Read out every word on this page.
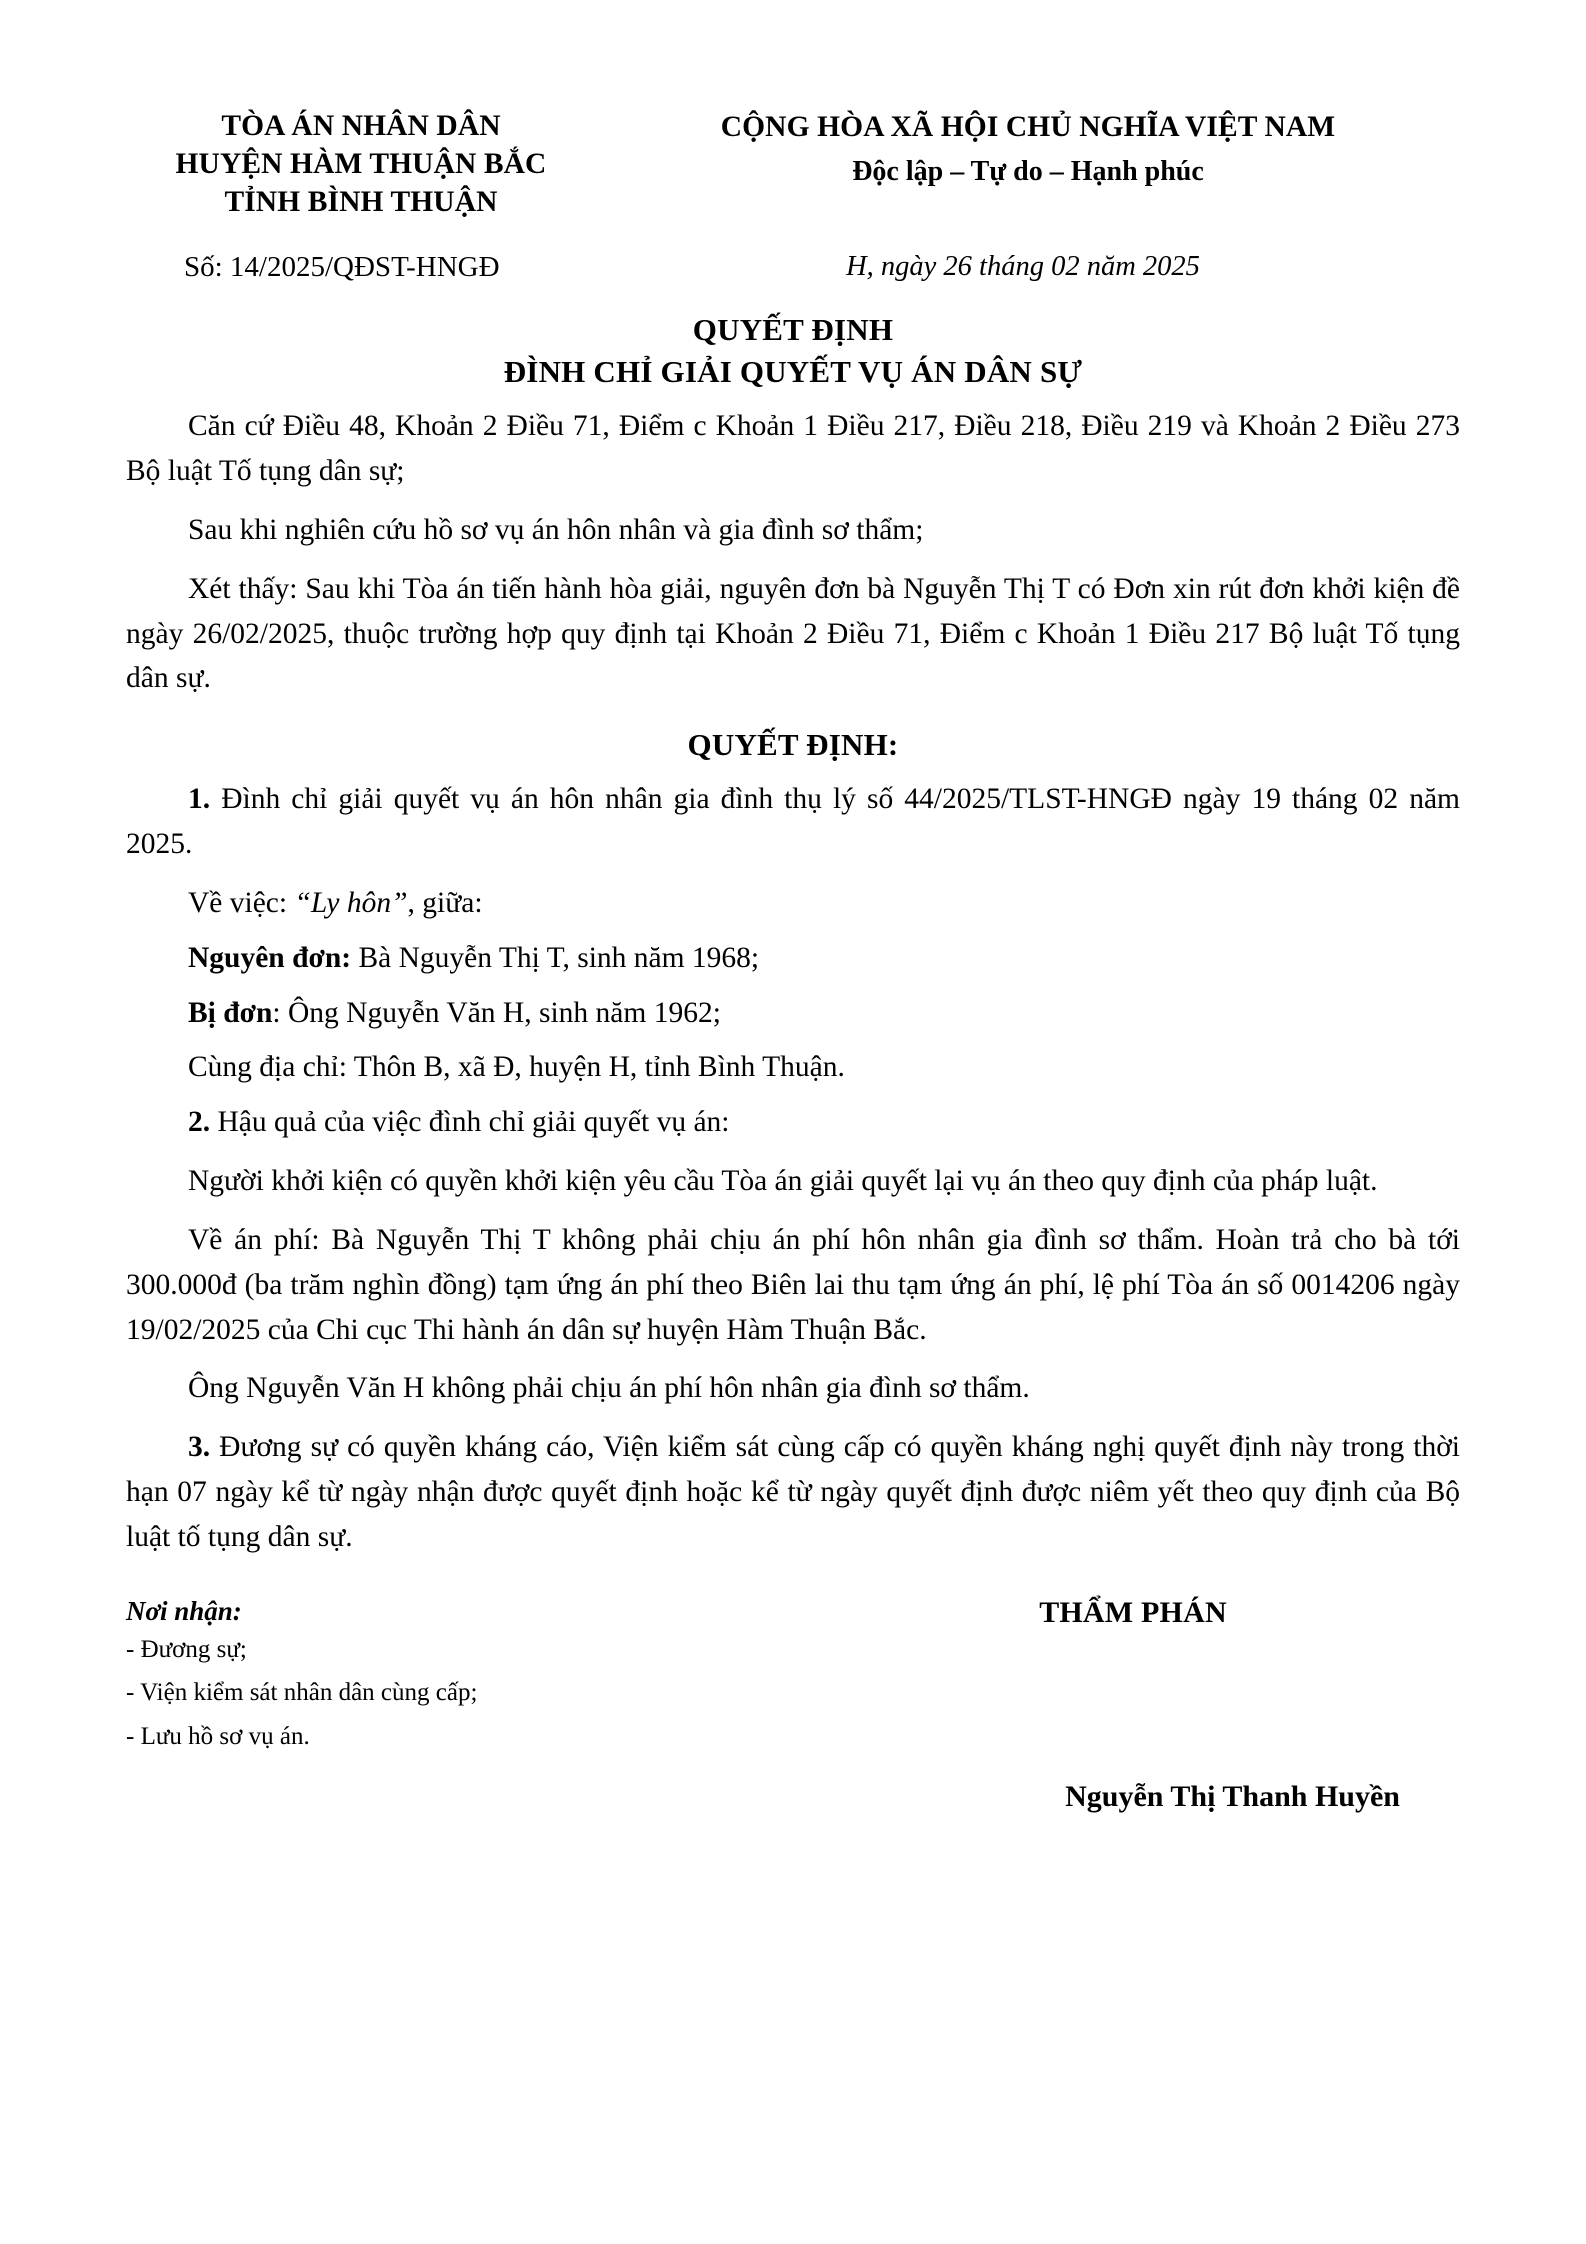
TÒA ÁN NHÂN DÂN
HUYỆN HÀM THUẬN BẮC
TỈNH BÌNH THUẬN
CỘNG HÒA XÃ HỘI CHỦ NGHĨA VIỆT NAM
Độc lập – Tự do – Hạnh phúc
Số: 14/2025/QĐST-HNGĐ	H, ngày 26 tháng 02 năm 2025
QUYẾT ĐỊNH
ĐÌNH CHỈ GIẢI QUYẾT VỤ ÁN DÂN SỰ

Căn cứ Điều 48, Khoản 2 Điều 71, Điểm c Khoản 1 Điều 217, Điều 218, Điều 219 và Khoản 2 Điều 273 Bộ luật Tố tụng dân sự;

Sau khi nghiên cứu hồ sơ vụ án hôn nhân và gia đình sơ thẩm;

Xét thấy: Sau khi Tòa án tiến hành hòa giải, nguyên đơn bà Nguyễn Thị T có Đơn xin rút đơn khởi kiện đề ngày 26/02/2025, thuộc trường hợp quy định tại Khoản 2 Điều 71, Điểm c Khoản 1 Điều 217 Bộ luật Tố tụng dân sự.

QUYẾT ĐỊNH:

1. Đình chỉ giải quyết vụ án hôn nhân gia đình thụ lý số 44/2025/TLST-HNGĐ ngày 19 tháng 02 năm 2025.

Về việc: “Ly hôn”, giữa:

Nguyên đơn: Bà Nguyễn Thị T, sinh năm 1968;

Bị đơn: Ông Nguyễn Văn H, sinh năm 1962;

Cùng địa chỉ: Thôn B, xã Đ, huyện H, tỉnh Bình Thuận.

2. Hậu quả của việc đình chỉ giải quyết vụ án:

Người khởi kiện có quyền khởi kiện yêu cầu Tòa án giải quyết lại vụ án theo quy định của pháp luật.

Về án phí: Bà Nguyễn Thị T không phải chịu án phí hôn nhân gia đình sơ thẩm. Hoàn trả cho bà tới 300.000đ (ba trăm nghìn đồng) tạm ứng án phí theo Biên lai thu tạm ứng án phí, lệ phí Tòa án số 0014206 ngày 19/02/2025 của Chi cục Thi hành án dân sự huyện Hàm Thuận Bắc.

Ông Nguyễn Văn H không phải chịu án phí hôn nhân gia đình sơ thẩm.

3. Đương sự có quyền kháng cáo, Viện kiểm sát cùng cấp có quyền kháng nghị quyết định này trong thời hạn 07 ngày kể từ ngày nhận được quyết định hoặc kể từ ngày quyết định được niêm yết theo quy định của Bộ luật tố tụng dân sự.

Nơi nhận:
- Đương sự;
- Viện kiểm sát nhân dân cùng cấp;
- Lưu hồ sơ vụ án.
THẨM PHÁN
Nguyễn Thị Thanh Huyền
